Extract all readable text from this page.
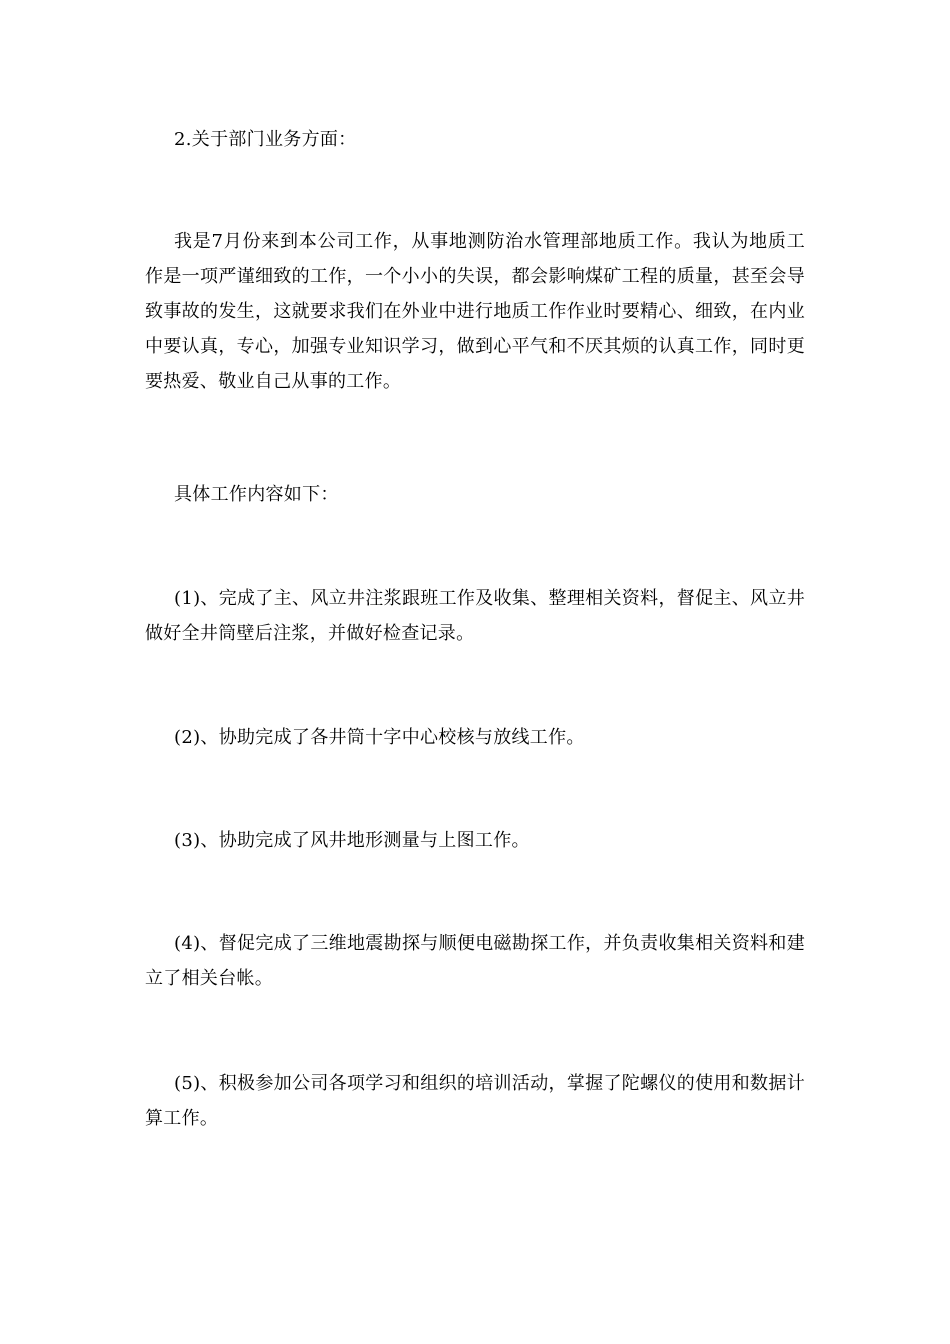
2.关于部门业务方面：

我是7月份来到本公司工作，从事地测防治水管理部地质工作。我认为地质工作是一项严谨细致的工作，一个小小的失误，都会影响煤矿工程的质量，甚至会导致事故的发生，这就要求我们在外业中进行地质工作作业时要精心、细致，在内业中要认真，专心，加强专业知识学习，做到心平气和不厌其烦的认真工作，同时更要热爱、敬业自己从事的工作。

具体工作内容如下：

(1)、完成了主、风立井注浆跟班工作及收集、整理相关资料，督促主、风立井做好全井筒壁后注浆，并做好检查记录。

(2)、协助完成了各井筒十字中心校核与放线工作。

(3)、协助完成了风井地形测量与上图工作。

(4)、督促完成了三维地震勘探与顺便电磁勘探工作，并负责收集相关资料和建立了相关台帐。

(5)、积极参加公司各项学习和组织的培训活动，掌握了陀螺仪的使用和数据计算工作。
